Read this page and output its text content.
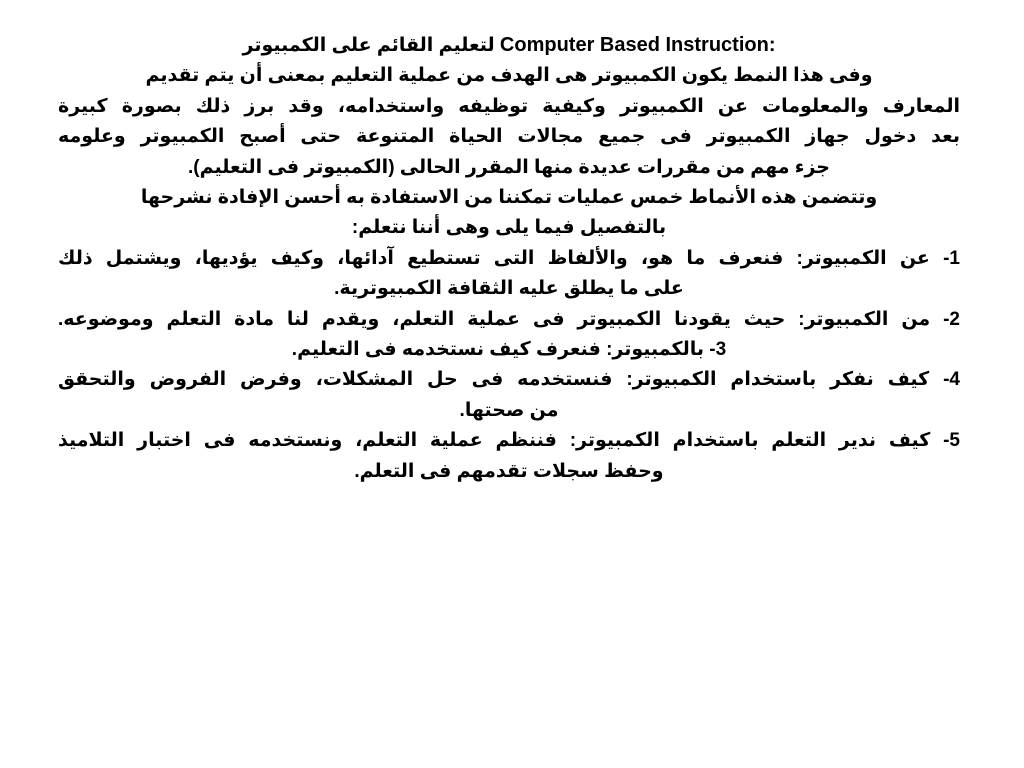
Computer Based Instruction: لتعليم القائم على الكمبيوتر

وفى هذا النمط يكون الكمبيوتر هى الهدف من عملية التعليم بمعنى أن يتم تقديم

المعارف والمعلومات عن الكمبيوتر وكيفية توظيفه واستخدامه، وقد برز ذلك بصورة كبيرة

بعد دخول جهاز الكمبيوتر فى جميع مجالات الحياة المتنوعة حتى أصبح الكمبيوتر وعلومه

جزء مهم من مقررات عديدة منها المقرر الحالى (الكمبيوتر فى التعليم).

وتتضمن هذه الأنماط خمس عمليات تمكننا من الاستفادة به أحسن الإفادة نشرحها

بالتفصيل فيما يلى وهى أننا نتعلم:

1- عن الكمبيوتر: فنعرف ما هو، والألفاظ التى تستطيع آدائها، وكيف يؤديها، ويشتمل ذلك

على ما يطلق عليه الثقافة الكمبيوترية.

2- من الكمبيوتر: حيث يقودنا الكمبيوتر فى عملية التعلم، ويقدم لنا مادة التعلم وموضوعه.

3- بالكمبيوتر: فنعرف كيف نستخدمه فى التعليم.

4- كيف نفكر باستخدام الكمبيوتر: فنستخدمه فى حل المشكلات، وفرض الفروض والتحقق

من صحتها.

5- كيف ندير التعلم باستخدام الكمبيوتر: فننظم عملية التعلم، ونستخدمه فى اختبار التلاميذ

وحفظ سجلات تقدمهم فى التعلم.
